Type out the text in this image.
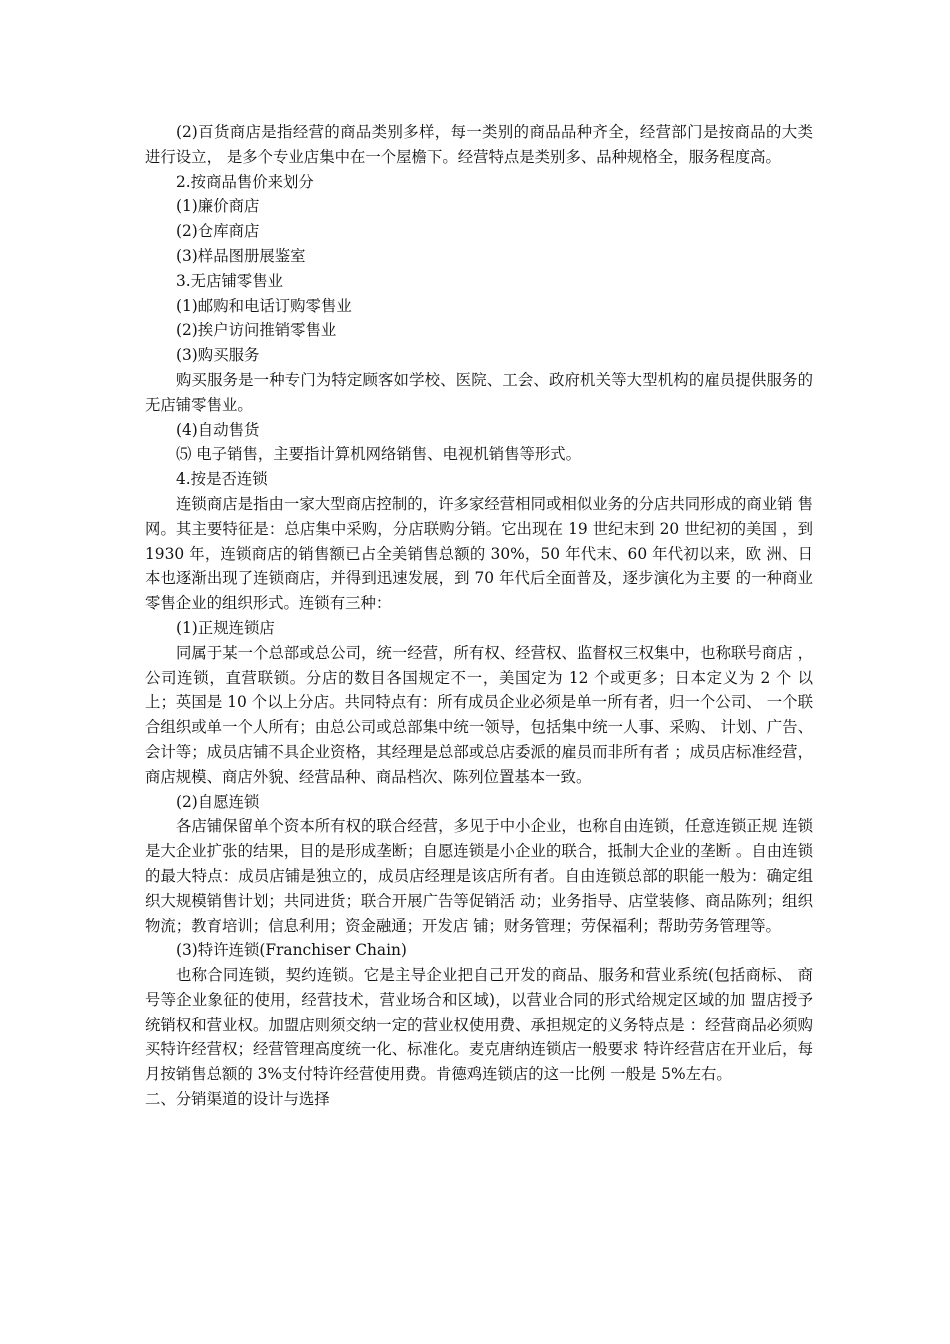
(2)百货商店是指经营的商品类别多样，每一类别的商品品种齐全，经营部门是按商品的大类进行设立， 是多个专业店集中在一个屋檐下。经营特点是类别多、品种规格全，服务程度高。

2.按商品售价来划分

(1)廉价商店

(2)仓库商店

(3)样品图册展鉴室

3.无店铺零售业

(1)邮购和电话订购零售业

(2)挨户访问推销零售业

(3)购买服务

购买服务是一种专门为特定顾客如学校、医院、工会、政府机关等大型机构的雇员提供服务的无店铺零售业。

(4)自动售货

⑸ 电子销售，主要指计算机网络销售、电视机销售等形式。

4.按是否连锁

连锁商店是指由一家大型商店控制的，许多家经营相同或相似业务的分店共同形成的商业销 售网。其主要特征是：总店集中采购，分店联购分销。它出现在 19 世纪末到 20 世纪初的美国 ，到 1930 年，连锁商店的销售额已占全美销售总额的 30%，50 年代末、60 年代初以来，欧 洲、日本也逐渐出现了连锁商店，并得到迅速发展，到 70 年代后全面普及，逐步演化为主要 的一种商业零售企业的组织形式。连锁有三种：

(1)正规连锁店

同属于某一个总部或总公司，统一经营，所有权、经营权、监督权三权集中，也称联号商店 ，公司连锁，直营联锁。分店的数目各国规定不一，美国定为 12 个或更多；日本定义为 2 个 以上；英国是 10 个以上分店。共同特点有：所有成员企业必须是单一所有者，归一个公司、 一个联合组织或单一个人所有；由总公司或总部集中统一领导，包括集中统一人事、采购、 计划、广告、会计等；成员店铺不具企业资格，其经理是总部或总店委派的雇员而非所有者 ；成员店标准经营，商店规模、商店外貌、经营品种、商品档次、陈列位置基本一致。

(2)自愿连锁

各店铺保留单个资本所有权的联合经营，多见于中小企业，也称自由连锁，任意连锁正规 连锁是大企业扩张的结果，目的是形成垄断；自愿连锁是小企业的联合，抵制大企业的垄断 。自由连锁的最大特点：成员店铺是独立的，成员店经理是该店所有者。自由连锁总部的职能一般为：确定组织大规模销售计划；共同进货；联合开展广告等促销活 动；业务指导、店堂装修、商品陈列；组织物流；教育培训；信息利用；资金融通；开发店 铺；财务管理；劳保福利；帮助劳务管理等。

(3)特许连锁(Franchiser Chain)

也称合同连锁，契约连锁。它是主导企业把自己开发的商品、服务和营业系统(包括商标、 商号等企业象征的使用，经营技术，营业场合和区域)，以营业合同的形式给规定区域的加 盟店授予统销权和营业权。加盟店则须交纳一定的营业权使用费、承担规定的义务特点是 ：经营商品必须购买特许经营权；经营管理高度统一化、标准化。麦克唐纳连锁店一般要求 特许经营店在开业后，每月按销售总额的 3%支付特许经营使用费。肯德鸡连锁店的这一比例 一般是 5%左右。

二、分销渠道的设计与选择
